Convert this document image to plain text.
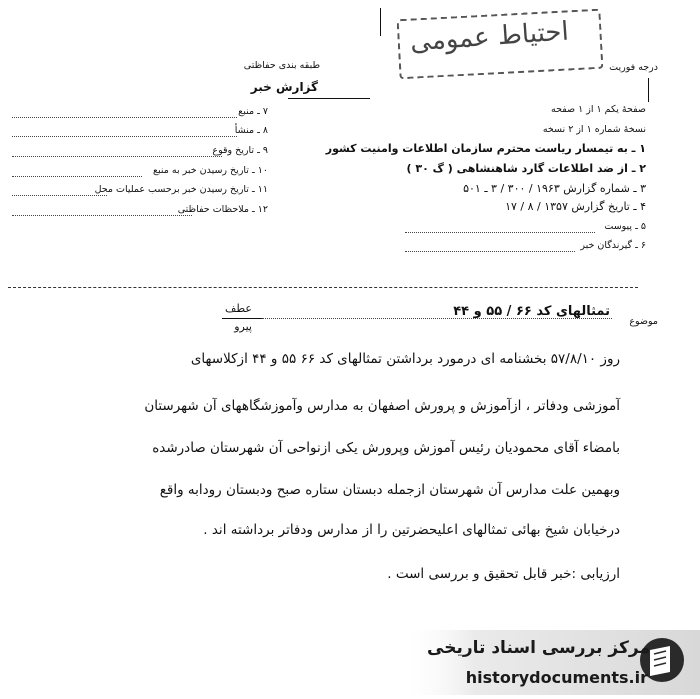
احتیاط عمومی
درجه فوريت
طبقه بندی حفاظتی
گزارش خبر
۷ ـ منبع
۸ ـ منشأ
۹ ـ تاریخ وقوع
۱۰ ـ تاریخ رسیدن خبر به منبع
۱۱ ـ تاریخ رسیدن خبر برحسب عملیات محل
۱۲ ـ ملاحظات حفاظتی
صفحهٔ یکم ۱ از ۱ صفحه
نسخهٔ شماره ۱ از ۲ نسخه
۱ ـ به تیمسار ریاست محترم سازمان اطلاعات وامنیت کشور
۲ ـ از ضد اطلاعات گارد شاهنشاهی ( گ ۳۰ )
۳ ـ شماره گزارش ۱۹۶۳ / ۳۰۰ / ۳ ـ ۵۰۱
۴ ـ تاریخ گزارش ۱۳۵۷ / ۸ / ۱۷
۵ ـ پیوست
۶ ـ گیرندگان خبر
موضوع
تمثالهای کد ۶۶ / ۵۵ و ۴۴
عطف
پیرو
روز ۵۷/۸/۱۰ بخشنامه ای درمورد برداشتن تمثالهای کد ۶۶ ۵۵ و ۴۴ ازکلاسهای
آموزشی ودفاتر ، ازآموزش و پرورش اصفهان به مدارس وآموزشگاههای آن شهرستان
بامضاء آقای محمودیان رئیس آموزش وپرورش یکی ازنواحی آن شهرستان صادرشده
وبهمین علت مدارس آن شهرستان ازجمله دبستان ستاره صبح ودبستان رودابه واقع
درخیابان شیخ بهائی تمثالهای اعلیحضرتین را از مدارس ودفاتر برداشته اند .
ارزیابی :خبر قابل تحقیق و بررسی است .
مرکز بررسی اسناد تاریخی
historydocuments.ir
